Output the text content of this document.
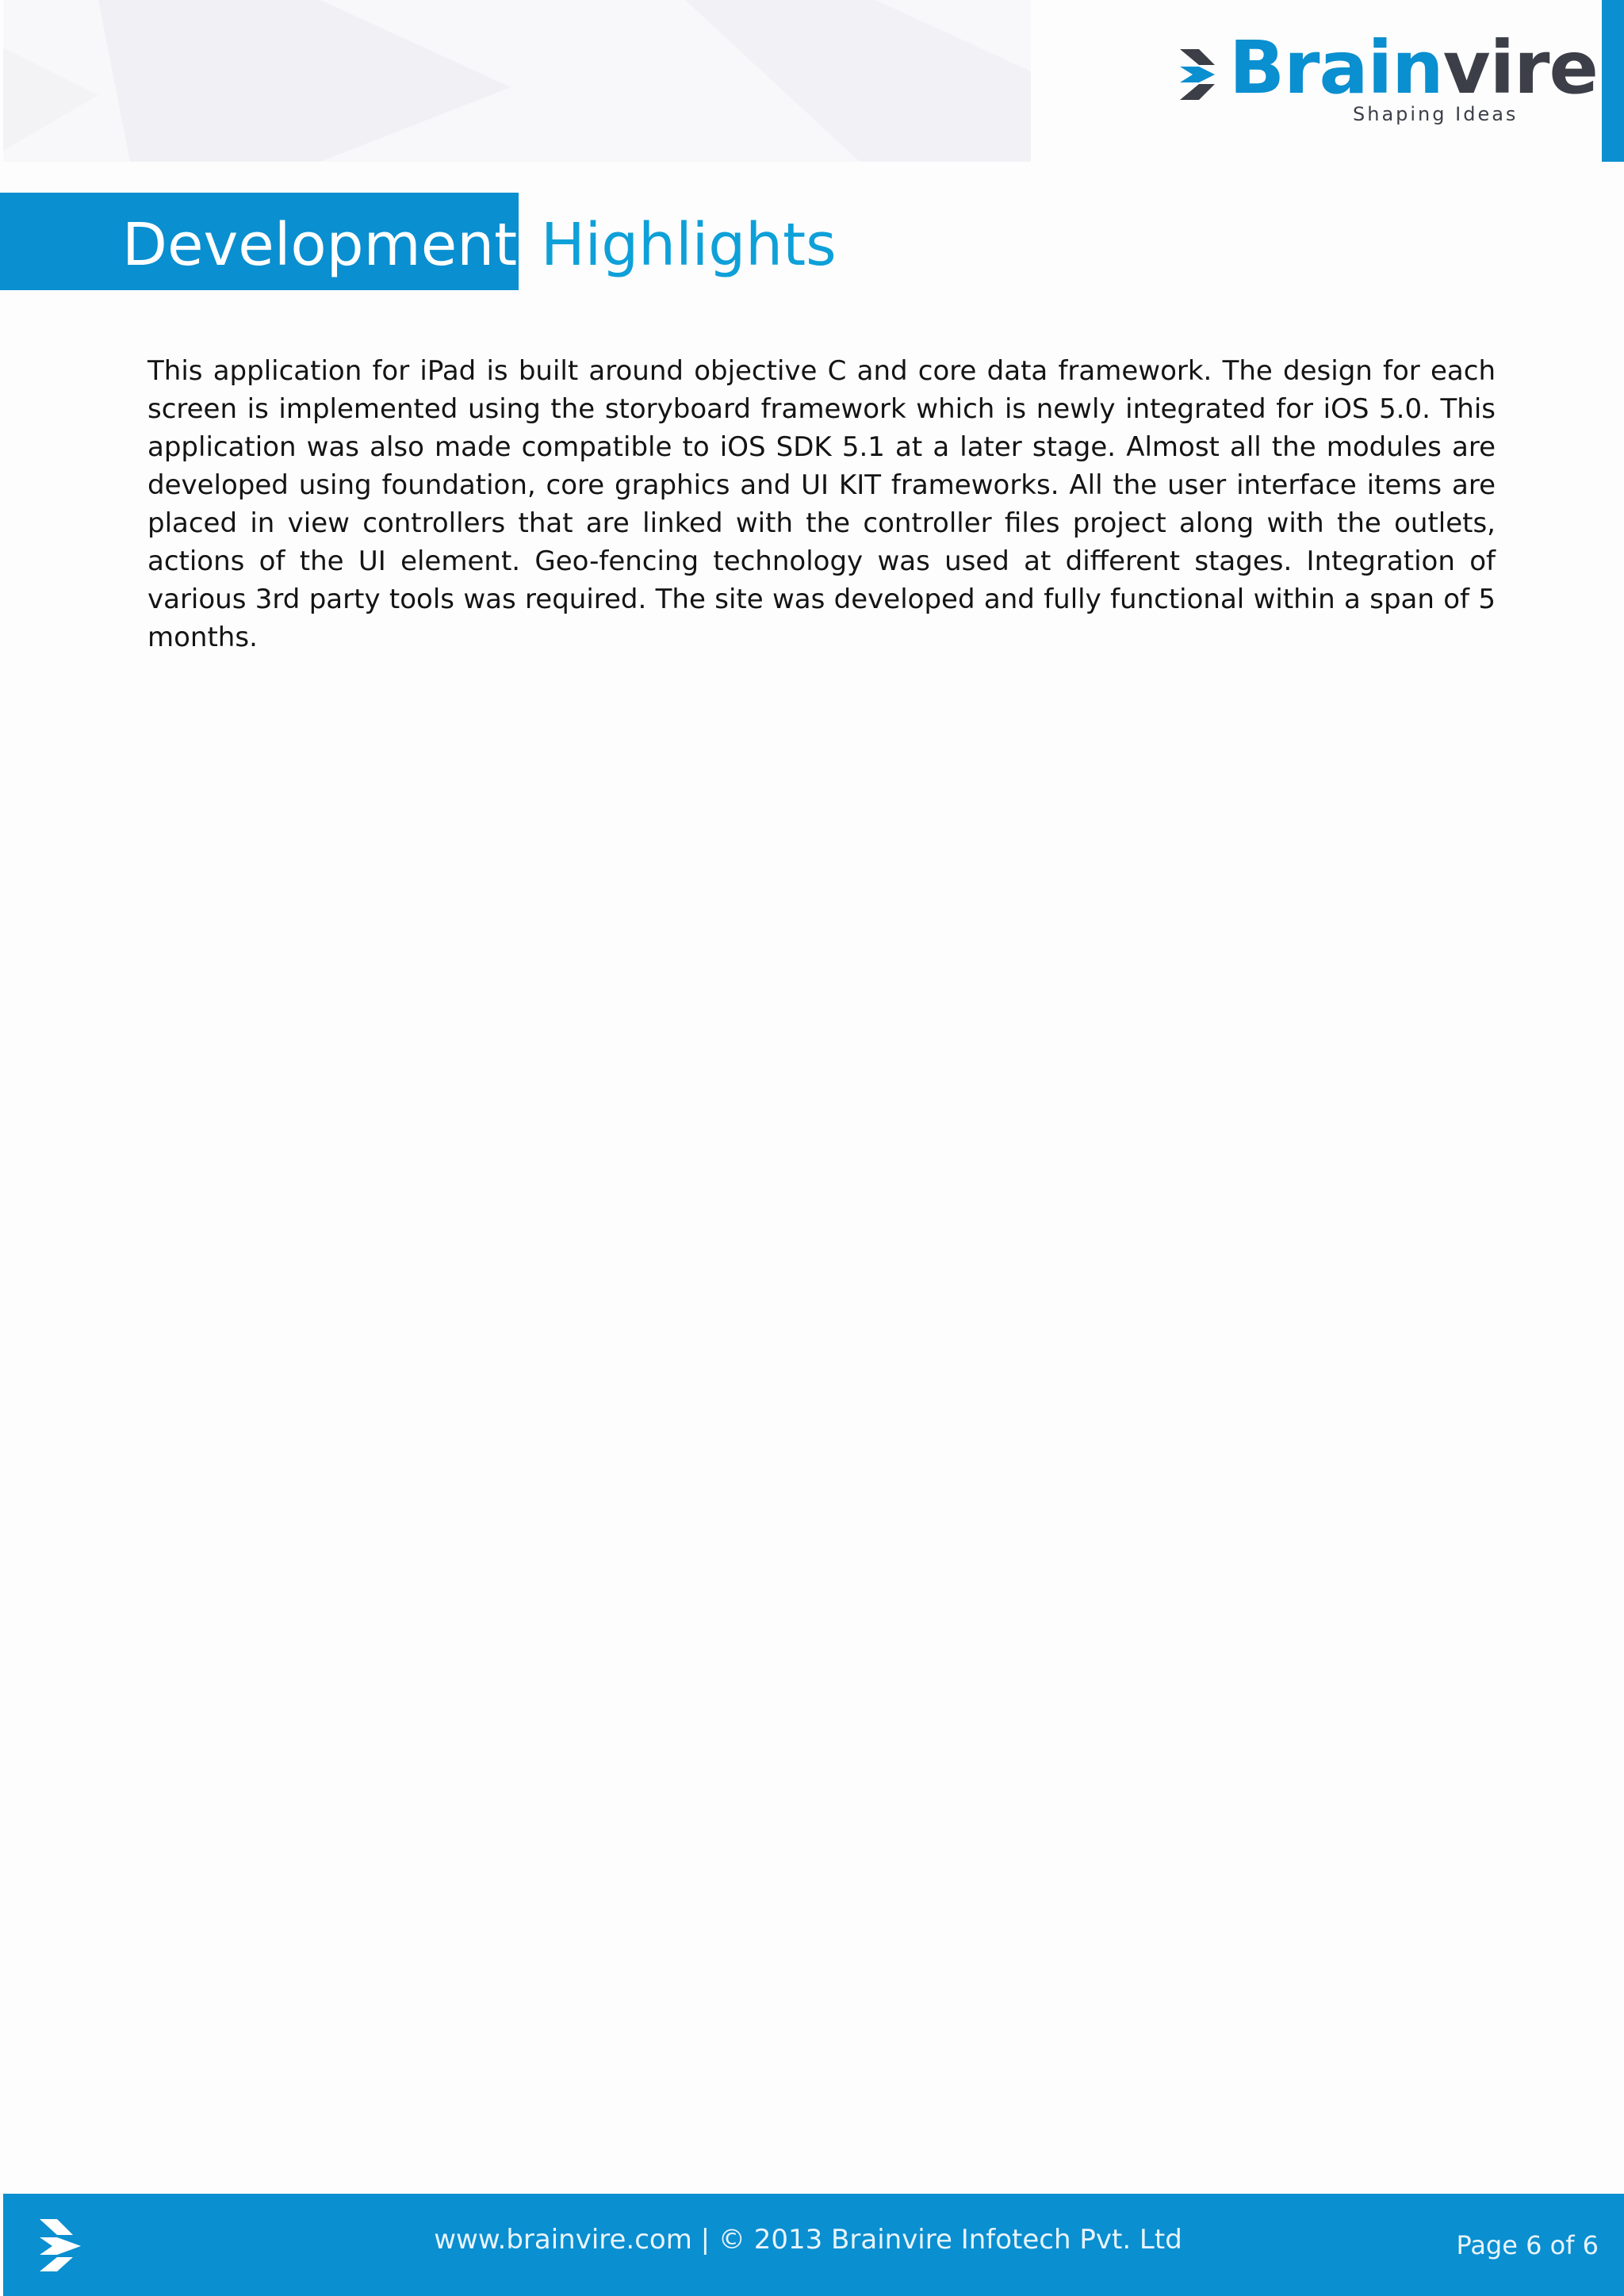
Brainvire
Shaping Ideas
Development Highlights

This application for iPad is built around objective C and core data framework. The design for each screen is implemented using the storyboard framework which is newly integrated for iOS 5.0. This application was also made compatible to iOS SDK 5.1 at a later stage. Almost all the modules are developed using foundation, core graphics and UI KIT frameworks. All the user interface items are placed in view controllers that are linked with the controller files project along with the outlets, actions of the UI element. Geo-fencing technology was used at different stages. Integration of various 3rd party tools was required. The site was developed and fully functional within a span of 5 months.

www.brainvire.com | © 2013 Brainvire Infotech Pvt. Ltd	Page 6 of 6
